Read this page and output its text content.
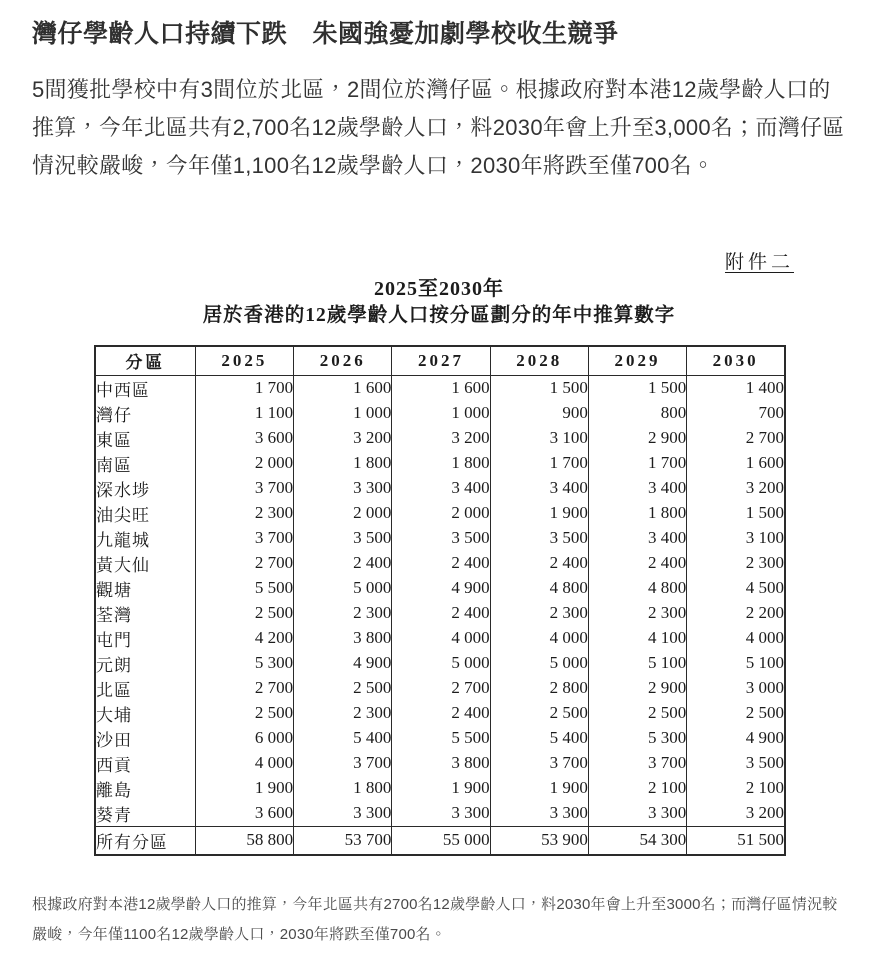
灣仔學齡人口持續下跌　朱國強憂加劇學校收生競爭

5間獲批學校中有3間位於北區，2間位於灣仔區。根據政府對本港12歲學齡人口的推算，今年北區共有2,700名12歲學齡人口，料2030年會上升至3,000名；而灣仔區情況較嚴峻，今年僅1,100名12歲學齡人口，2030年將跌至僅700名。

附件二
2025至2030年
居於香港的12歲學齡人口按分區劃分的年中推算數字
分區	2025	2026	2027	2028	2029	2030
中西區	1 700	1 600	1 600	1 500	1 500	1 400
灣仔	1 100	1 000	1 000	900	800	700
東區	3 600	3 200	3 200	3 100	2 900	2 700
南區	2 000	1 800	1 800	1 700	1 700	1 600
深水埗	3 700	3 300	3 400	3 400	3 400	3 200
油尖旺	2 300	2 000	2 000	1 900	1 800	1 500
九龍城	3 700	3 500	3 500	3 500	3 400	3 100
黃大仙	2 700	2 400	2 400	2 400	2 400	2 300
觀塘	5 500	5 000	4 900	4 800	4 800	4 500
荃灣	2 500	2 300	2 400	2 300	2 300	2 200
屯門	4 200	3 800	4 000	4 000	4 100	4 000
元朗	5 300	4 900	5 000	5 000	5 100	5 100
北區	2 700	2 500	2 700	2 800	2 900	3 000
大埔	2 500	2 300	2 400	2 500	2 500	2 500
沙田	6 000	5 400	5 500	5 400	5 300	4 900
西貢	4 000	3 700	3 800	3 700	3 700	3 500
離島	1 900	1 800	1 900	1 900	2 100	2 100
葵青	3 600	3 300	3 300	3 300	3 300	3 200
所有分區	58 800	53 700	55 000	53 900	54 300	51 500

根據政府對本港12歲學齡人口的推算，今年北區共有2700名12歲學齡人口，料2030年會上升至3000名；而灣仔區情況較嚴峻，今年僅1100名12歲學齡人口，2030年將跌至僅700名。
